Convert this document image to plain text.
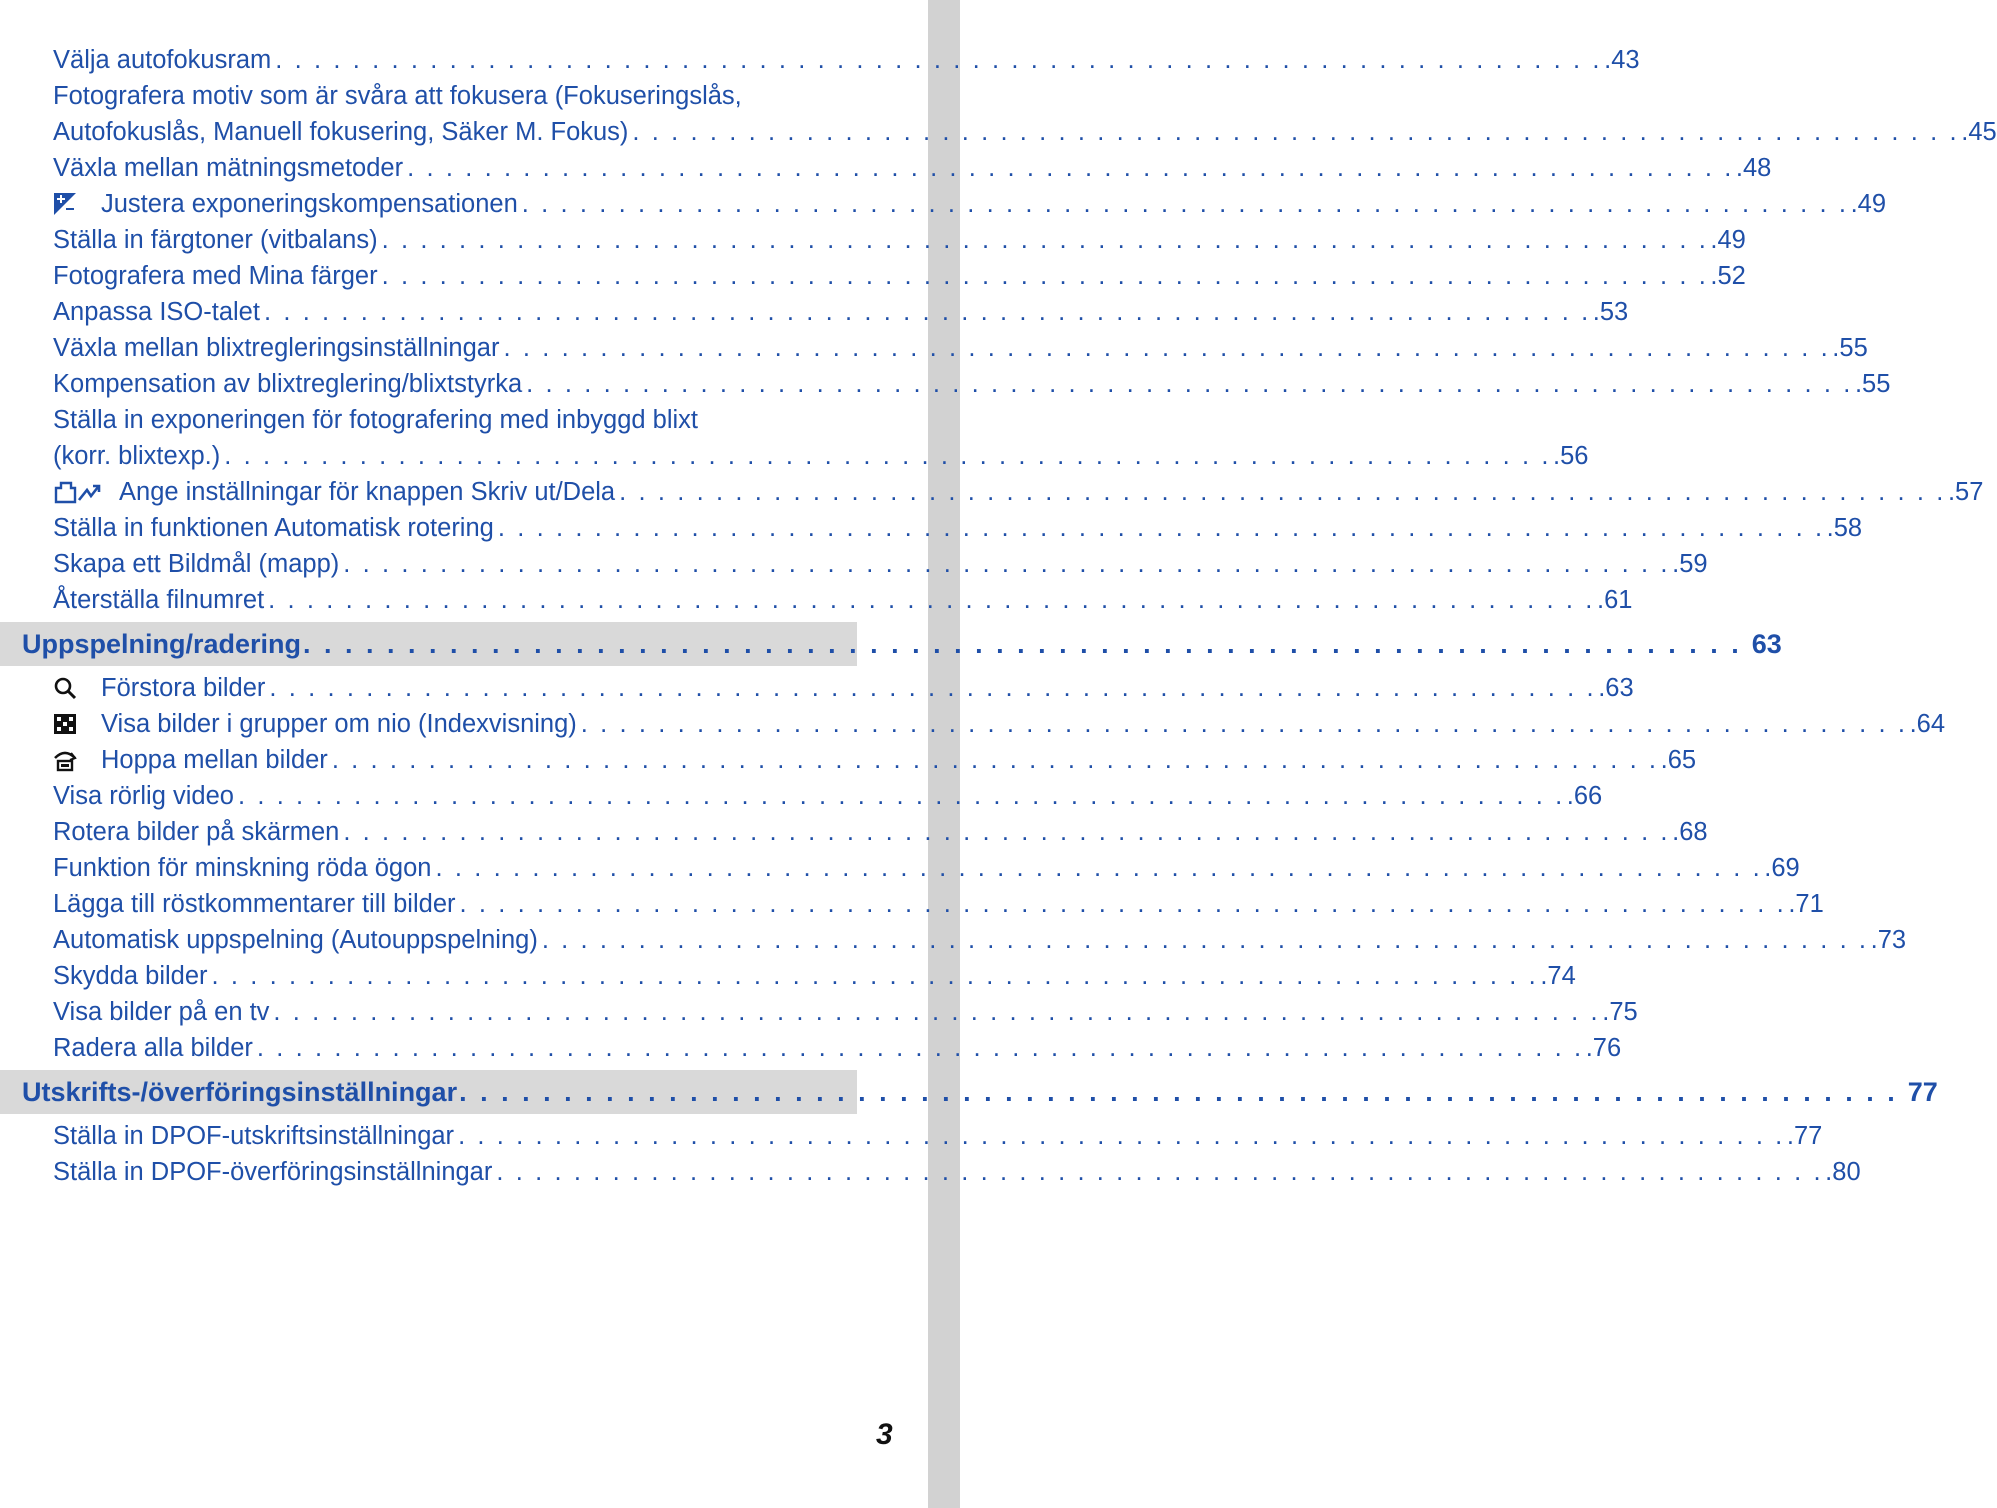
Välja autofokusram . . . . . . . . . . . . . . . . . . . . . . . . . . . . . . . . . . . . . . . . . . . . . . . . . . . . . . . . . . . . . . . . . . . . . .43
Fotografera motiv som är svåra att fokusera (Fokuseringslås,
Autofokuslås, Manuell fokusering, Säker M. Fokus) . . . . . . . . . . . . . . . . . . . . . . . . . . . . . . . . . . . . . . . . . . . . . . . . . . . . . . . . . . . . . . . . . . . . . .45
Växla mellan mätningsmetoder . . . . . . . . . . . . . . . . . . . . . . . . . . . . . . . . . . . . . . . . . . . . . . . . . . . . . . . . . . . . . . . . . . . . . .48
Justera exponeringskompensationen . . . . . . . . . . . . . . . . . . . . . . . . . . . . . . . . . . . . . . . . . . . . . . . . . . . . . . . . . . . . . . . . . . . . . .49
Ställa in färgtoner (vitbalans) . . . . . . . . . . . . . . . . . . . . . . . . . . . . . . . . . . . . . . . . . . . . . . . . . . . . . . . . . . . . . . . . . . . . . .49
Fotografera med Mina färger . . . . . . . . . . . . . . . . . . . . . . . . . . . . . . . . . . . . . . . . . . . . . . . . . . . . . . . . . . . . . . . . . . . . . .52
Anpassa ISO-talet . . . . . . . . . . . . . . . . . . . . . . . . . . . . . . . . . . . . . . . . . . . . . . . . . . . . . . . . . . . . . . . . . . . . . .53
Växla mellan blixtregleringsinställningar . . . . . . . . . . . . . . . . . . . . . . . . . . . . . . . . . . . . . . . . . . . . . . . . . . . . . . . . . . . . . . . . . . . . . .55
Kompensation av blixtreglering/blixtstyrka . . . . . . . . . . . . . . . . . . . . . . . . . . . . . . . . . . . . . . . . . . . . . . . . . . . . . . . . . . . . . . . . . . . . . .55
Ställa in exponeringen för fotografering med inbyggd blixt
(korr. blixtexp.) . . . . . . . . . . . . . . . . . . . . . . . . . . . . . . . . . . . . . . . . . . . . . . . . . . . . . . . . . . . . . . . . . . . . . .56
Ange inställningar för knappen Skriv ut/Dela . . . . . . . . . . . . . . . . . . . . . . . . . . . . . . . . . . . . . . . . . . . . . . . . . . . . . . . . . . . . . . . . . . . . . .57
Ställa in funktionen Automatisk rotering . . . . . . . . . . . . . . . . . . . . . . . . . . . . . . . . . . . . . . . . . . . . . . . . . . . . . . . . . . . . . . . . . . . . . .58
Skapa ett Bildmål (mapp) . . . . . . . . . . . . . . . . . . . . . . . . . . . . . . . . . . . . . . . . . . . . . . . . . . . . . . . . . . . . . . . . . . . . . .59
Återställa filnumret . . . . . . . . . . . . . . . . . . . . . . . . . . . . . . . . . . . . . . . . . . . . . . . . . . . . . . . . . . . . . . . . . . . . . .61
Uppspelning/radering . . . . . . . . . . . . . . . . . . . . . . . . . . . . . . . . . . . . . . . . . . . . . . . . . . . . . . . . . . . . . . . . . . . . . 63
Förstora bilder . . . . . . . . . . . . . . . . . . . . . . . . . . . . . . . . . . . . . . . . . . . . . . . . . . . . . . . . . . . . . . . . . . . . . .63
Visa bilder i grupper om nio (Indexvisning) . . . . . . . . . . . . . . . . . . . . . . . . . . . . . . . . . . . . . . . . . . . . . . . . . . . . . . . . . . . . . . . . . . . . . .64
Hoppa mellan bilder . . . . . . . . . . . . . . . . . . . . . . . . . . . . . . . . . . . . . . . . . . . . . . . . . . . . . . . . . . . . . . . . . . . . . .65
Visa rörlig video . . . . . . . . . . . . . . . . . . . . . . . . . . . . . . . . . . . . . . . . . . . . . . . . . . . . . . . . . . . . . . . . . . . . . .66
Rotera bilder på skärmen . . . . . . . . . . . . . . . . . . . . . . . . . . . . . . . . . . . . . . . . . . . . . . . . . . . . . . . . . . . . . . . . . . . . . .68
Funktion för minskning röda ögon . . . . . . . . . . . . . . . . . . . . . . . . . . . . . . . . . . . . . . . . . . . . . . . . . . . . . . . . . . . . . . . . . . . . . .69
Lägga till röstkommentarer till bilder . . . . . . . . . . . . . . . . . . . . . . . . . . . . . . . . . . . . . . . . . . . . . . . . . . . . . . . . . . . . . . . . . . . . . .71
Automatisk uppspelning (Autouppspelning) . . . . . . . . . . . . . . . . . . . . . . . . . . . . . . . . . . . . . . . . . . . . . . . . . . . . . . . . . . . . . . . . . . . . . .73
Skydda bilder . . . . . . . . . . . . . . . . . . . . . . . . . . . . . . . . . . . . . . . . . . . . . . . . . . . . . . . . . . . . . . . . . . . . . .74
Visa bilder på en tv . . . . . . . . . . . . . . . . . . . . . . . . . . . . . . . . . . . . . . . . . . . . . . . . . . . . . . . . . . . . . . . . . . . . . .75
Radera alla bilder . . . . . . . . . . . . . . . . . . . . . . . . . . . . . . . . . . . . . . . . . . . . . . . . . . . . . . . . . . . . . . . . . . . . . .76
Utskrifts-/överföringsinställningar . . . . . . . . . . . . . . . . . . . . . . . . . . . . . . . . . . . . . . . . . . . . . . . . . . . . . . . . . . . . . . . . . . . . . 77
Ställa in DPOF-utskriftsinställningar . . . . . . . . . . . . . . . . . . . . . . . . . . . . . . . . . . . . . . . . . . . . . . . . . . . . . . . . . . . . . . . . . . . . . .77
Ställa in DPOF-överföringsinställningar . . . . . . . . . . . . . . . . . . . . . . . . . . . . . . . . . . . . . . . . . . . . . . . . . . . . . . . . . . . . . . . . . . . . . .80
3
